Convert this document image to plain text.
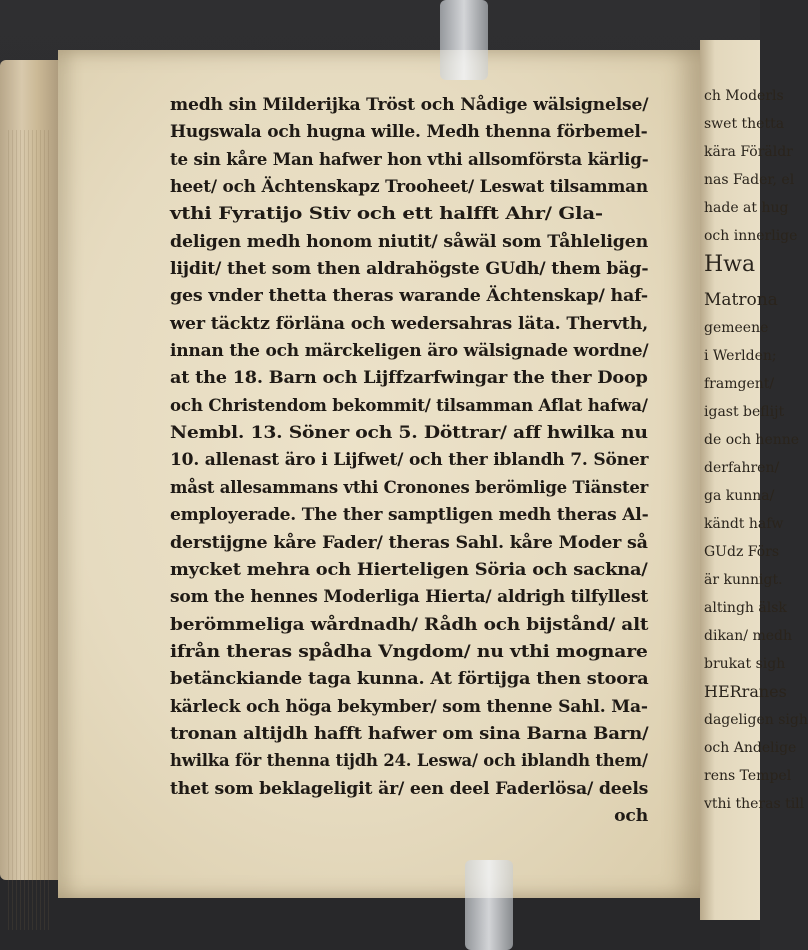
medh sin Milderijka Tröst och Nådige wälsignelse/
Hugswala och hugna wille. Medh thenna förbemel-
te sin kåre Man hafwer hon vthi allsomförsta kärlig-
heet/ och Ächtenskapz Trooheet/ Leswat tilsamman
vthi Fyratijo Stiv och ett halfft Ahr/ Gla-
deligen medh honom niutit/ såwäl som Tåhleligen
lijdit/ thet som then aldrahögste GUdh/ them bäg-
ges vnder thetta theras warande Ächtenskap/ haf-
wer täcktz förläna och wedersahras läta. Thervth,
innan the och märckeligen äro wälsignade wordne/
at the 18. Barn och Lijffzarfwingar the ther Doop
och Christendom bekommit/ tilsamman Aflat hafwa/
Nembl. 13. Söner och 5. Döttrar/ aff hwilka nu
10. allenast äro i Lijfwet/ och ther iblandh 7. Söner
måst allesammans vthi Cronones berömlige Tiänster
employerade. The ther samptligen medh theras Al-
derstijgne kåre Fader/ theras Sahl. kåre Moder så
mycket mehra och Hierteligen Söria och sackna/
som the hennes Moderliga Hierta/ aldrigh tilfyllest
berömmeliga wårdnadh/ Rådh och bijstånd/ alt
ifrån theras spådha Vngdom/ nu vthi mognare
betänckiande taga kunna. At förtijga then stoora
kärleck och höga bekymber/ som thenne Sahl. Ma-
tronan altijdh hafft hafwer om sina Barna Barn/
hwilka för thenna tijdh 24. Leswa/ och iblandh them/
thet som beklageligit är/ een deel Faderlösa/ deels
och
ch Moderls
swet thetta
kära Föräldr
nas Fader, el
hade at hug
och innerlige
Hwa
Matrona
gemeene
i Werlden;
framgent/
igast beflijt
de och henne
derfahren/
ga kunna/
kändt hafw
GUdz Förs
är kunnigt.
altingh älsk
dikan/ medh
brukat sigh
HERranes
dageligen sigh
och Andelige
rens Tempel
vthi theras till
